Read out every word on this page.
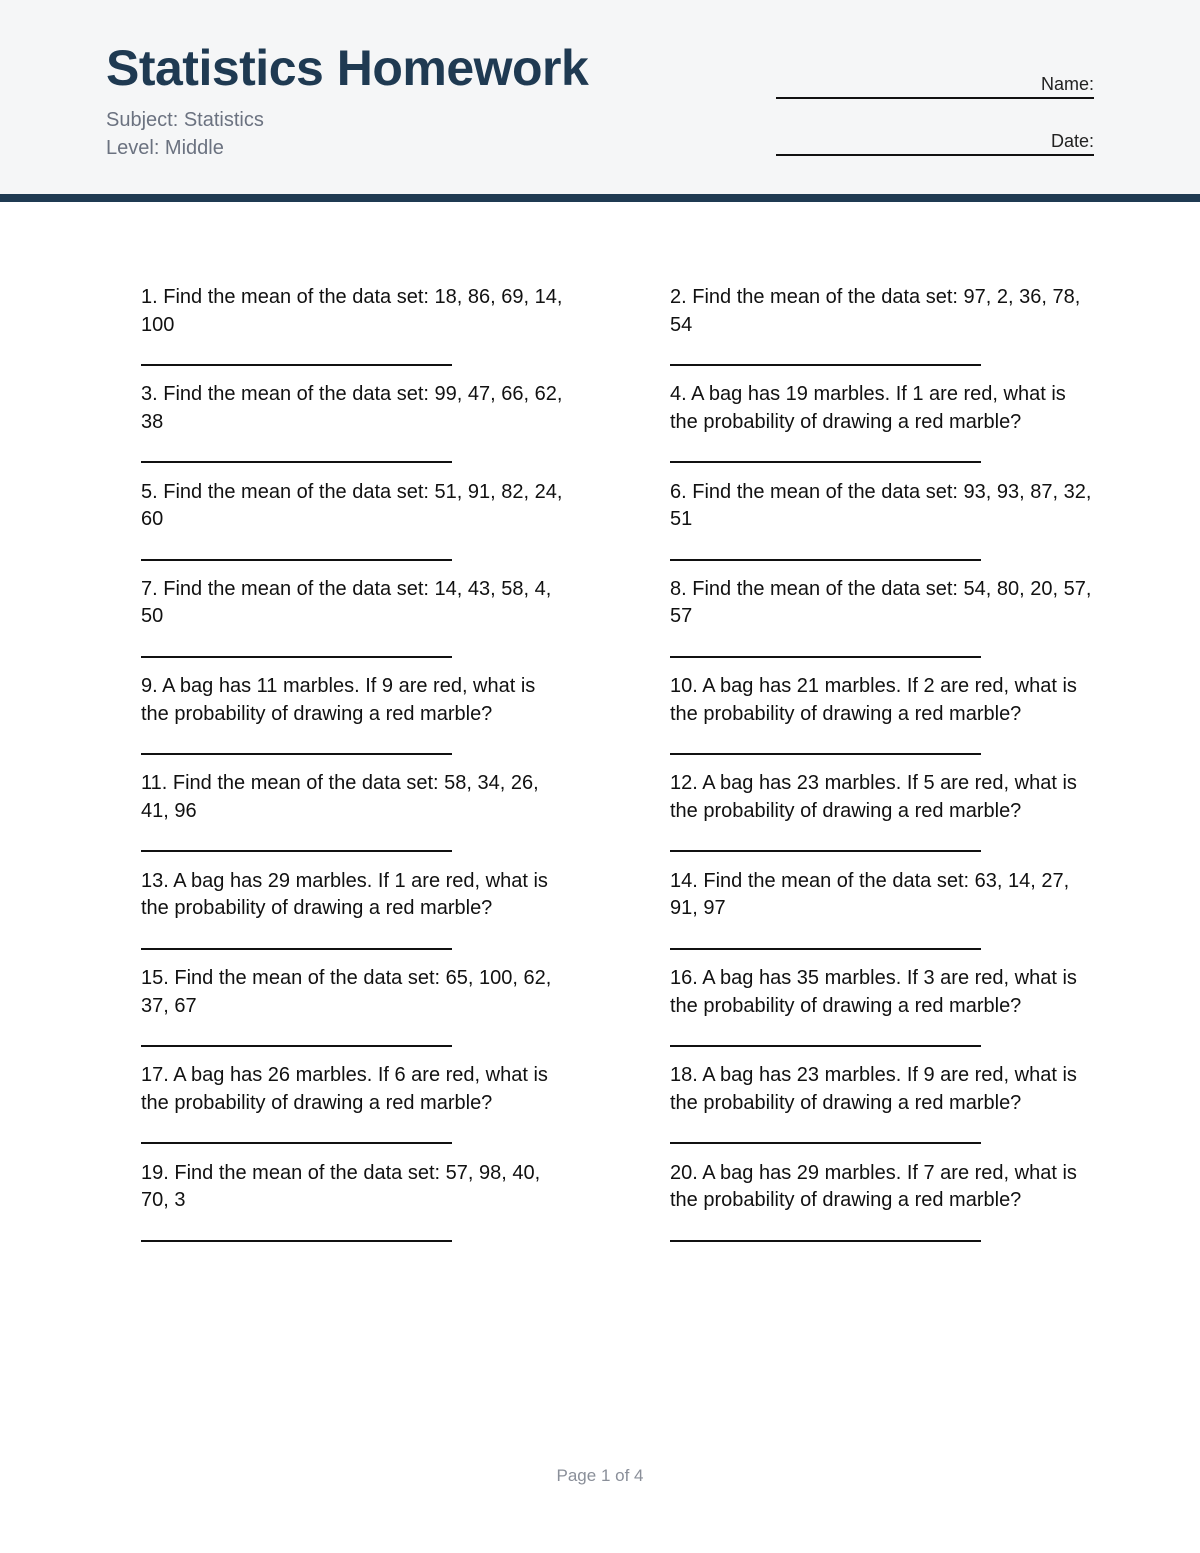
Statistics Homework
Subject: Statistics
Level: Middle
Name:
Date:
1. Find the mean of the data set: 18, 86, 69, 14, 100
2. Find the mean of the data set: 97, 2, 36, 78, 54
3. Find the mean of the data set: 99, 47, 66, 62, 38
4. A bag has 19 marbles. If 1 are red, what is the probability of drawing a red marble?
5. Find the mean of the data set: 51, 91, 82, 24, 60
6. Find the mean of the data set: 93, 93, 87, 32, 51
7. Find the mean of the data set: 14, 43, 58, 4, 50
8. Find the mean of the data set: 54, 80, 20, 57, 57
9. A bag has 11 marbles. If 9 are red, what is the probability of drawing a red marble?
10. A bag has 21 marbles. If 2 are red, what is the probability of drawing a red marble?
11. Find the mean of the data set: 58, 34, 26, 41, 96
12. A bag has 23 marbles. If 5 are red, what is the probability of drawing a red marble?
13. A bag has 29 marbles. If 1 are red, what is the probability of drawing a red marble?
14. Find the mean of the data set: 63, 14, 27, 91, 97
15. Find the mean of the data set: 65, 100, 62, 37, 67
16. A bag has 35 marbles. If 3 are red, what is the probability of drawing a red marble?
17. A bag has 26 marbles. If 6 are red, what is the probability of drawing a red marble?
18. A bag has 23 marbles. If 9 are red, what is the probability of drawing a red marble?
19. Find the mean of the data set: 57, 98, 40, 70, 3
20. A bag has 29 marbles. If 7 are red, what is the probability of drawing a red marble?
Page 1 of 4
